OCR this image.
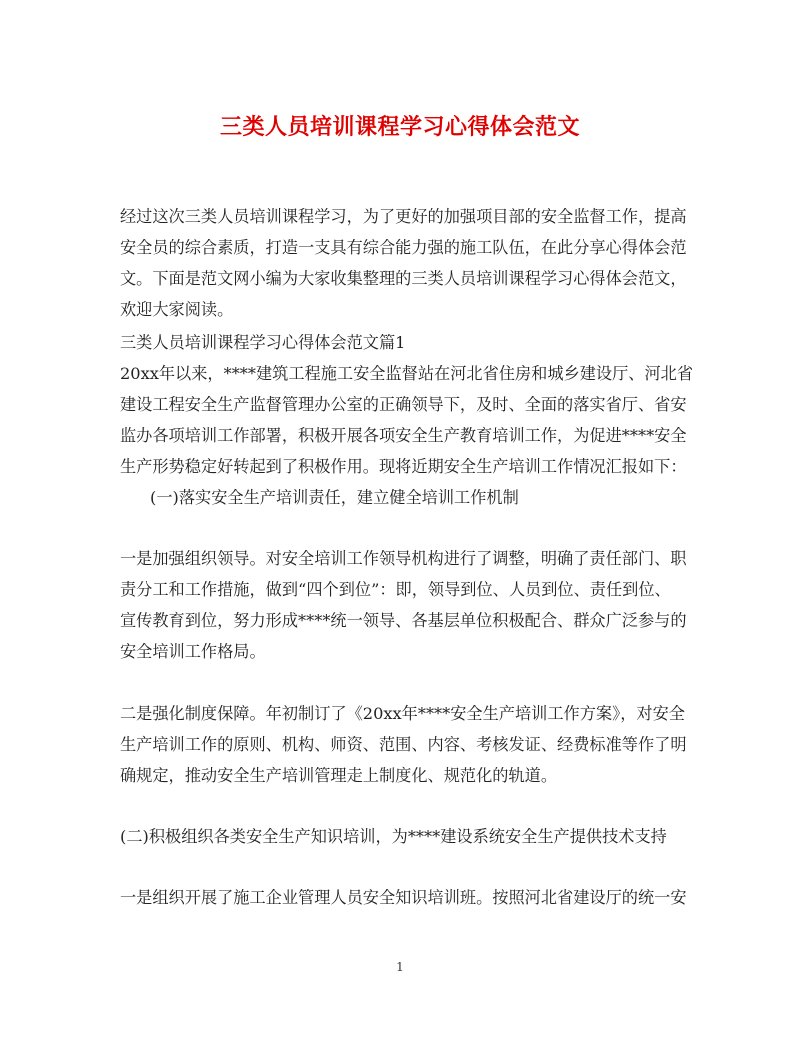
三类人员培训课程学习心得体会范文
经过这次三类人员培训课程学习，为了更好的加强项目部的安全监督工作，提高
安全员的综合素质，打造一支具有综合能力强的施工队伍，在此分享心得体会范
文。下面是范文网小编为大家收集整理的三类人员培训课程学习心得体会范文，
欢迎大家阅读。
三类人员培训课程学习心得体会范文篇1
20xx年以来，****建筑工程施工安全监督站在河北省住房和城乡建设厅、河北省
建设工程安全生产监督管理办公室的正确领导下，及时、全面的落实省厅、省安
监办各项培训工作部署，积极开展各项安全生产教育培训工作，为促进****安全
生产形势稳定好转起到了积极作用。现将近期安全生产培训工作情况汇报如下：
(一)落实安全生产培训责任，建立健全培训工作机制
一是加强组织领导。对安全培训工作领导机构进行了调整，明确了责任部门、职
责分工和工作措施，做到“四个到位”：即，领导到位、人员到位、责任到位、
宣传教育到位，努力形成****统一领导、各基层单位积极配合、群众广泛参与的
安全培训工作格局。
二是强化制度保障。年初制订了《20xx年****安全生产培训工作方案》，对安全
生产培训工作的原则、机构、师资、范围、内容、考核发证、经费标准等作了明
确规定，推动安全生产培训管理走上制度化、规范化的轨道。
(二)积极组织各类安全生产知识培训，为****建设系统安全生产提供技术支持
一是组织开展了施工企业管理人员安全知识培训班。按照河北省建设厅的统一安
1
